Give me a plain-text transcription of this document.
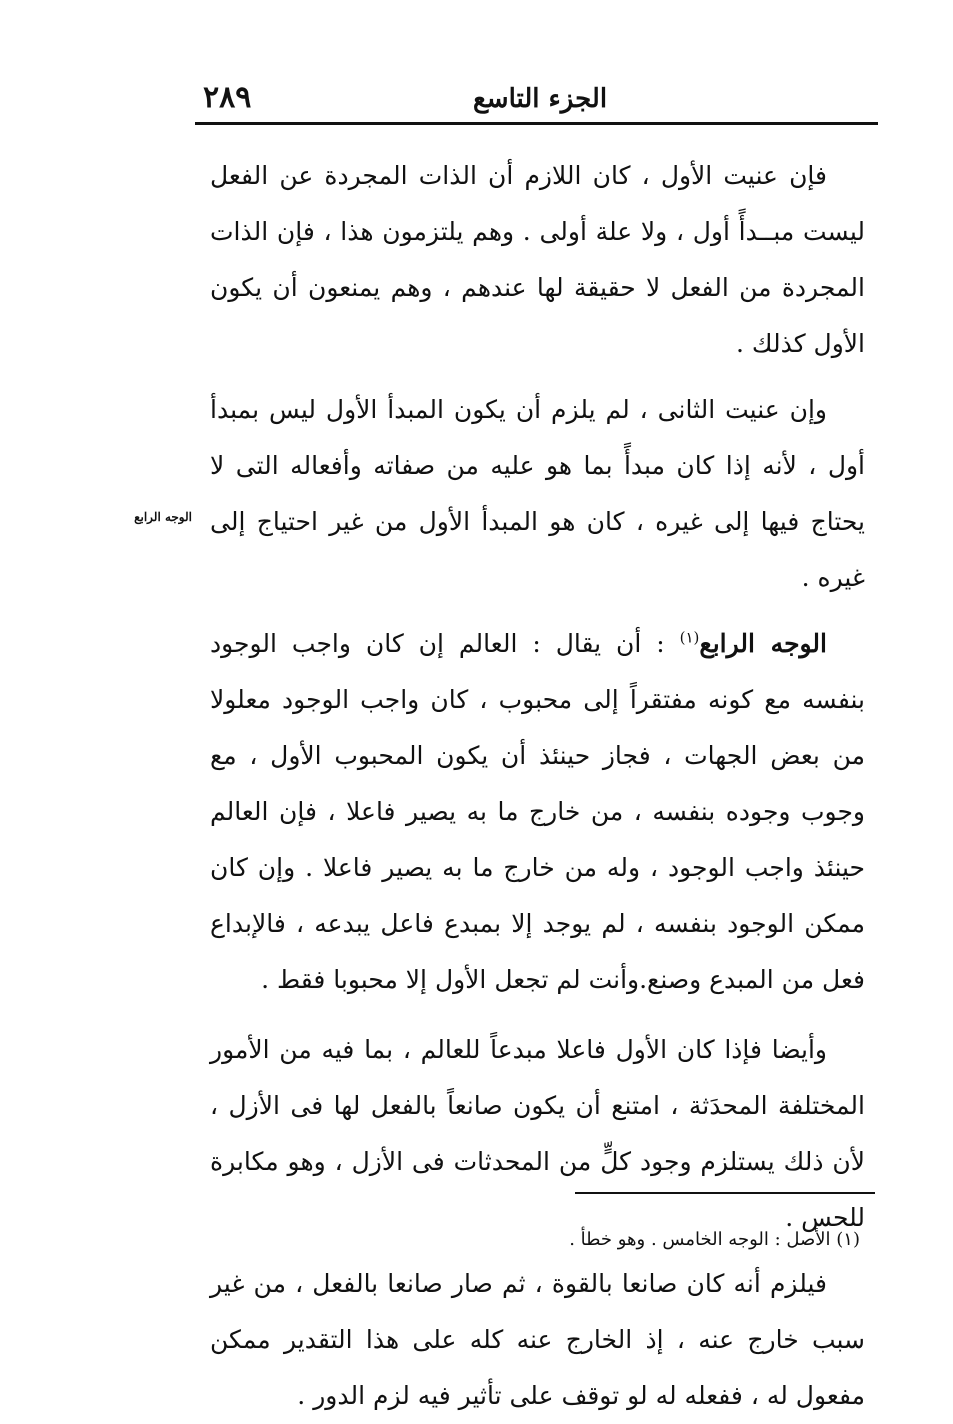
٢٨٩	الجزء التاسع
الوجه الرابع

فإن عنيت الأول ، كان اللازم أن الذات المجردة عن الفعل ليست مبــدأً أول ، ولا علة أولى . وهم يلتزمون هذا ، فإن الذات المجردة من الفعل لا حقيقة لها عندهم ، وهم يمنعون أن يكون الأول كذلك .

وإن عنيت الثانى ، لم يلزم أن يكون المبدأ الأول ليس بمبدأ أول ، لأنه إذا كان مبدأً بما هو عليه من صفاته وأفعاله التى لا يحتاج فيها إلى غيره ، كان هو المبدأ الأول من غير احتياج إلى غيره .

الوجه الرابع$^{(١)}$ : أن يقال : العالم إن كان واجب الوجود بنفسه مع كونه مفتقراً إلى محبوب ، كان واجب الوجود معلولا من بعض الجهات ، فجاز حينئذ أن يكون المحبوب الأول ، مع وجوب وجوده بنفسه ، من خارج ما به يصير فاعلا ، فإن العالم حينئذ واجب الوجود ، وله من خارج ما به يصير فاعلا . وإن كان ممكن الوجود بنفسه ، لم يوجد إلا بمبدع فاعل يبدعه ، فالإبداع فعل من المبدع وصنع.وأنت لم تجعل الأول إلا محبوبا فقط .

وأيضا فإذا كان الأول فاعلا مبدعاً للعالم ، بما فيه من الأمور المختلفة المحدَثة ، امتنع أن يكون صانعاً بالفعل لها فى الأزل ، لأن ذلك يستلزم وجود كلٍّ من المحدثات فى الأزل ، وهو مكابرة للحس .

فيلزم أنه كان صانعا بالقوة ، ثم صار صانعا بالفعل ، من غير سبب خارج عنه ، إذ الخارج عنه كله على هذا التقدير ممكن مفعول له ، ففعله له لو توقف على تأثير فيه لزم الدور .

(١) الأصل : الوجه الخامس . وهو خطأ .
